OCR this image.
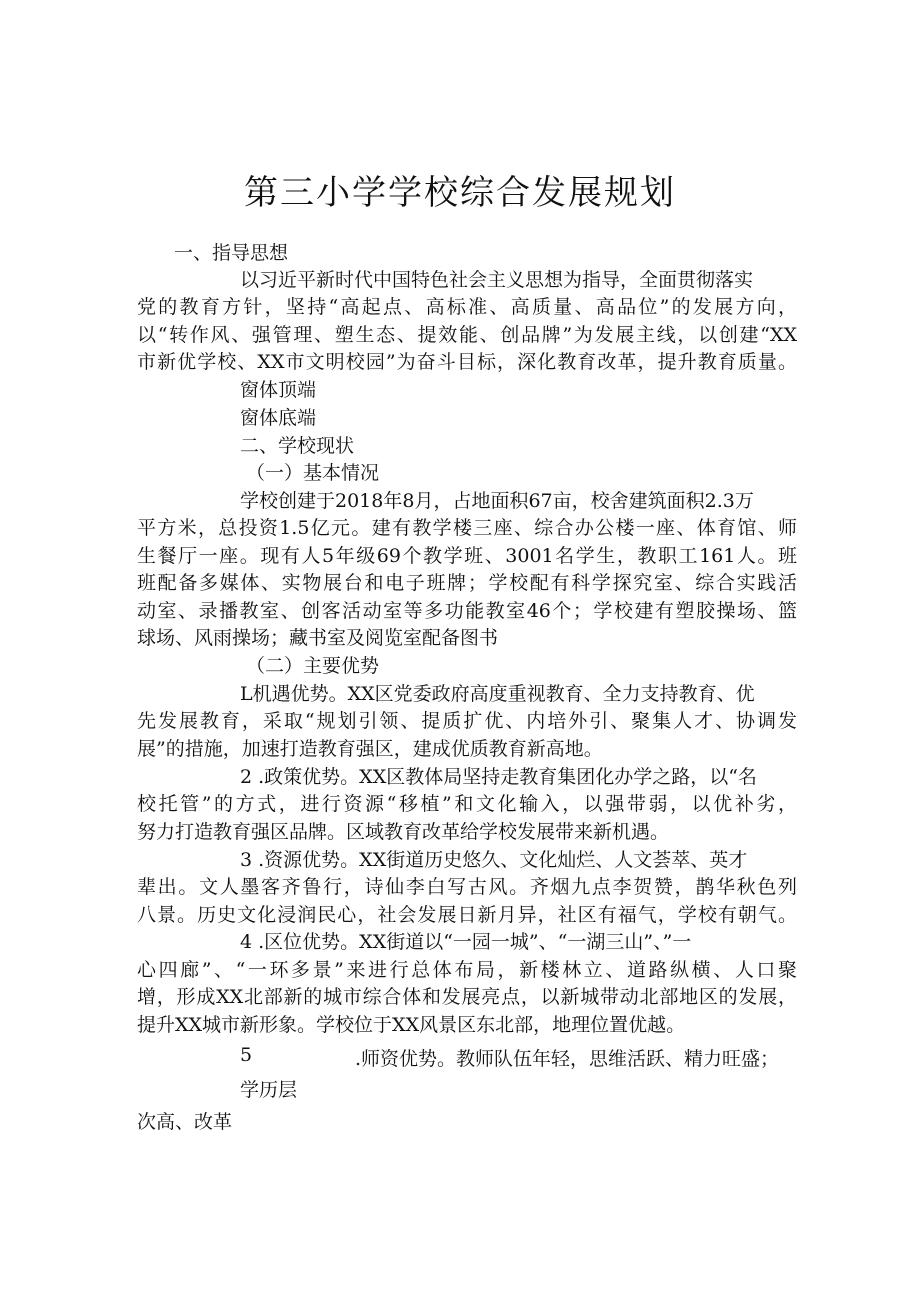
第三小学学校综合发展规划
一、指导思想
以习近平新时代中国特色社会主义思想为指导，全面贯彻落实
党的教育方针，坚持“高起点、高标准、高质量、高品位”的发展方向，
以“转作风、强管理、塑生态、提效能、创品牌”为发展主线，以创建“XX
市新优学校、XX市文明校园”为奋斗目标，深化教育改革，提升教育质量。
窗体顶端
窗体底端
二、学校现状
（一）基本情况
学校创建于2018年8月，占地面积67亩，校舍建筑面积2.3万
平方米，总投资1.5亿元。建有教学楼三座、综合办公楼一座、体育馆、师
生餐厅一座。现有人5年级69个教学班、3001名学生，教职工161人。班
班配备多媒体、实物展台和电子班牌；学校配有科学探究室、综合实践活
动室、录播教室、创客活动室等多功能教室46个；学校建有塑胶操场、篮
球场、风雨操场；藏书室及阅览室配备图书
（二）主要优势
L机遇优势。XX区党委政府高度重视教育、全力支持教育、优
先发展教育，采取“规划引领、提质扩优、内培外引、聚集人才、协调发
展”的措施，加速打造教育强区，建成优质教育新高地。
2 .政策优势。XX区教体局坚持走教育集团化办学之路，以“名
校托管”的方式，进行资源“移植”和文化输入，以强带弱，以优补劣，
努力打造教育强区品牌。区域教育改革给学校发展带来新机遇。
3 .资源优势。XX街道历史悠久、文化灿烂、人文荟萃、英才
辈出。文人墨客齐鲁行，诗仙李白写古风。齐烟九点李贺赞，鹊华秋色列
八景。历史文化浸润民心，社会发展日新月异，社区有福气，学校有朝气。
4 .区位优势。XX街道以“一园一城”、“一湖三山”、”一
心四廊”、“一环多景”来进行总体布局，新楼林立、道路纵横、人口聚
增，形成XX北部新的城市综合体和发展亮点，以新城带动北部地区的发展，
提升XX城市新形象。学校位于XX风景区东北部，地理位置优越。
5	.师资优势。教师队伍年轻，思维活跃、精力旺盛；
学历层
次高、改革
